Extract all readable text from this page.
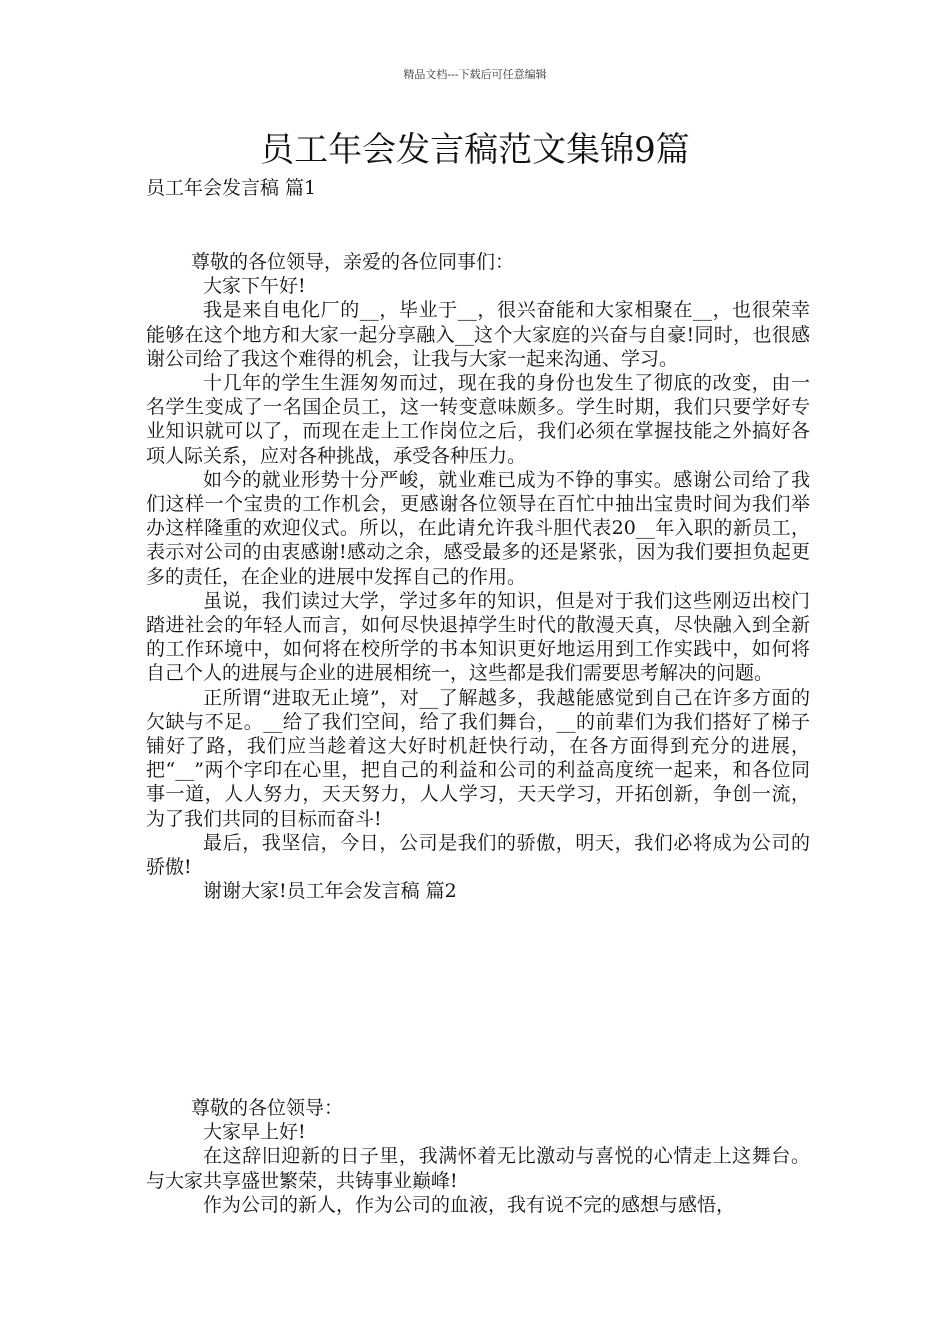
精品文档---下载后可任意编辑
员工年会发言稿范文集锦9篇
员工年会发言稿 篇1

尊敬的各位领导，亲爱的各位同事们：

大家下午好!

我是来自电化厂的__，毕业于__，很兴奋能和大家相聚在__，也很荣幸能够在这个地方和大家一起分享融入__这个大家庭的兴奋与自豪!同时，也很感谢公司给了我这个难得的机会，让我与大家一起来沟通、学习。

十几年的学生生涯匆匆而过，现在我的身份也发生了彻底的改变，由一名学生变成了一名国企员工，这一转变意味颇多。学生时期，我们只要学好专业知识就可以了，而现在走上工作岗位之后，我们必须在掌握技能之外搞好各项人际关系，应对各种挑战，承受各种压力。

如今的就业形势十分严峻，就业难已成为不铮的事实。感谢公司给了我们这样一个宝贵的工作机会，更感谢各位领导在百忙中抽出宝贵时间为我们举办这样隆重的欢迎仪式。所以，在此请允许我斗胆代表20__年入职的新员工，表示对公司的由衷感谢!感动之余，感受最多的还是紧张，因为我们要担负起更多的责任，在企业的进展中发挥自己的作用。

虽说，我们读过大学，学过多年的知识，但是对于我们这些刚迈出校门踏进社会的年轻人而言，如何尽快退掉学生时代的散漫天真，尽快融入到全新的工作环境中，如何将在校所学的书本知识更好地运用到工作实践中，如何将自己个人的进展与企业的进展相统一，这些都是我们需要思考解决的问题。

正所谓“进取无止境”，对__了解越多，我越能感觉到自己在许多方面的欠缺与不足。__给了我们空间，给了我们舞台，__的前辈们为我们搭好了梯子铺好了路，我们应当趁着这大好时机赶快行动，在各方面得到充分的进展，把“__”两个字印在心里，把自己的利益和公司的利益高度统一起来，和各位同事一道，人人努力，天天努力，人人学习，天天学习，开拓创新，争创一流，为了我们共同的目标而奋斗!

最后，我坚信，今日，公司是我们的骄傲，明天，我们必将成为公司的骄傲!

谢谢大家!员工年会发言稿 篇2

尊敬的各位领导：

大家早上好!

在这辞旧迎新的日子里，我满怀着无比激动与喜悦的心情走上这舞台。与大家共享盛世繁荣，共铸事业巅峰!

作为公司的新人，作为公司的血液，我有说不完的感想与感悟，
